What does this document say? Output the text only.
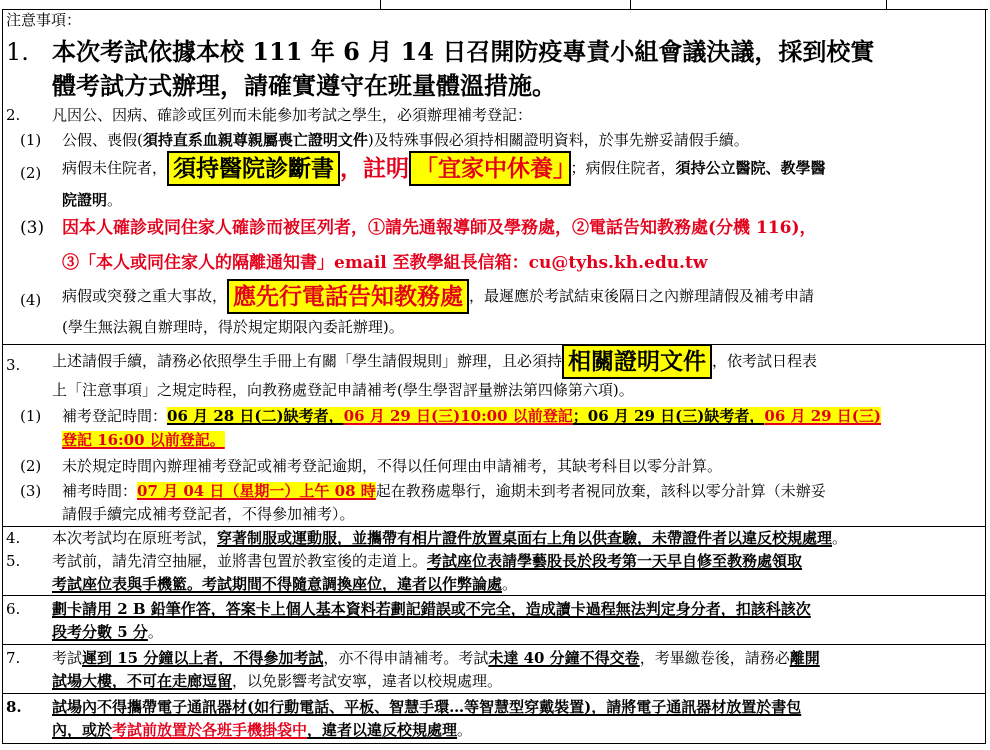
注意事項：
1. 本次考試依據本校 111 年 6 月 14 日召開防疫專責小組會議決議，採到校實
體考試方式辦理，請確實遵守在班量體溫措施。
2. 凡因公、因病、確診或匡列而未能參加考試之學生，必須辦理補考登記：
(1) 公假、喪假(須持直系血親尊親屬喪亡證明文件)及特殊事假必須持相關證明資料，於事先辦妥請假手續。
(2) 病假未住院者， 須持醫院診斷書 ，註明 「宜家中休養」 ；病假住院者，須持公立醫院、教學醫
院證明。
(3) 因本人確診或同住家人確診而被匡列者，①請先通報導師及學務處，②電話告知教務處(分機 116)，
③「本人或同住家人的隔離通知書」email 至教學組長信箱：cu@tyhs.kh.edu.tw
(4) 病假或突發之重大事故， 應先行電話告知教務處 ，最遲應於考試結束後隔日之內辦理請假及補考申請
(學生無法親自辦理時，得於規定期限內委託辦理)。
3. 上述請假手續，請務必依照學生手冊上有關「學生請假規則」辦理，且必須持 相關證明文件 ，依考試日程表
上「注意事項」之規定時程，向教務處登記申請補考(學生學習評量辦法第四條第六項)。
(1) 補考登記時間：06 月 28 日(二)缺考者，06 月 29 日(三)10:00 以前登記；06 月 29 日(三)缺考者，06 月 29 日(三)
登記 16:00 以前登記。
(2) 未於規定時間內辦理補考登記或補考登記逾期，不得以任何理由申請補考，其缺考科目以零分計算。
(3) 補考時間：07 月 04 日（星期一）上午 08 時起在教務處舉行，逾期未到考者視同放棄，該科以零分計算（未辦妥
請假手續完成補考登記者，不得參加補考）。
4. 本次考試均在原班考試，穿著制服或運動服，並攜帶有相片證件放置桌面右上角以供查驗，未帶證件者以違反校規處理。
5. 考試前，請先清空抽屜，並將書包置於教室後的走道上。考試座位表請學藝股長於段考第一天早自修至教務處領取
考試座位表與手機籃。考試期間不得隨意調換座位，違者以作弊論處。
6. 劃卡請用 2 B 鉛筆作答，答案卡上個人基本資料若劃記錯誤或不完全，造成讀卡過程無法判定身分者，扣該科該次
段考分數 5 分。
7. 考試遲到 15 分鐘以上者，不得參加考試，亦不得申請補考。考試未達 40 分鐘不得交卷，考畢繳卷後，請務必離開
試場大樓，不可在走廊逗留，以免影響考試安寧，違者以校規處理。
8. 試場內不得攜帶電子通訊器材(如行動電話、平板、智慧手環…等智慧型穿戴裝置)，請將電子通訊器材放置於書包
內，或於考試前放置於各班手機掛袋中，違者以違反校規處理。
